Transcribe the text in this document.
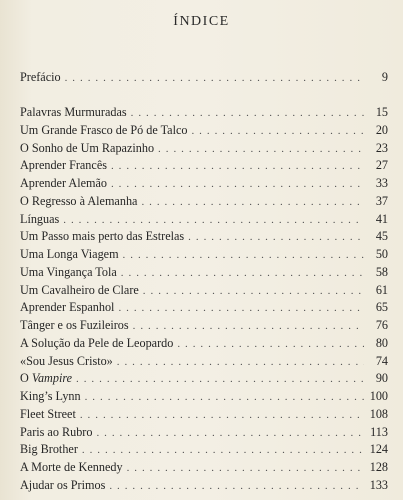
ÍNDICE
Prefácio . . .	9
Palavras Murmuradas . . .	15
Um Grande Frasco de Pó de Talco . . .	20
O Sonho de Um Rapazinho . . .	23
Aprender Francês . . .	27
Aprender Alemão . . .	33
O Regresso à Alemanha . . .	37
Línguas . . .	41
Um Passo mais perto das Estrelas . . .	45
Uma Longa Viagem . . .	50
Uma Vingança Tola . . .	58
Um Cavalheiro de Clare . . .	61
Aprender Espanhol . . .	65
Tânger e os Fuzileiros . . .	76
A Solução da Pele de Leopardo . . .	80
«Sou Jesus Cristo» . . .	74
O Vampire . . .	90
King’s Lynn . . .	100
Fleet Street . . .	108
Paris ao Rubro . . .	113
Big Brother . . .	124
A Morte de Kennedy . . .	128
Ajudar os Primos . . .	133
